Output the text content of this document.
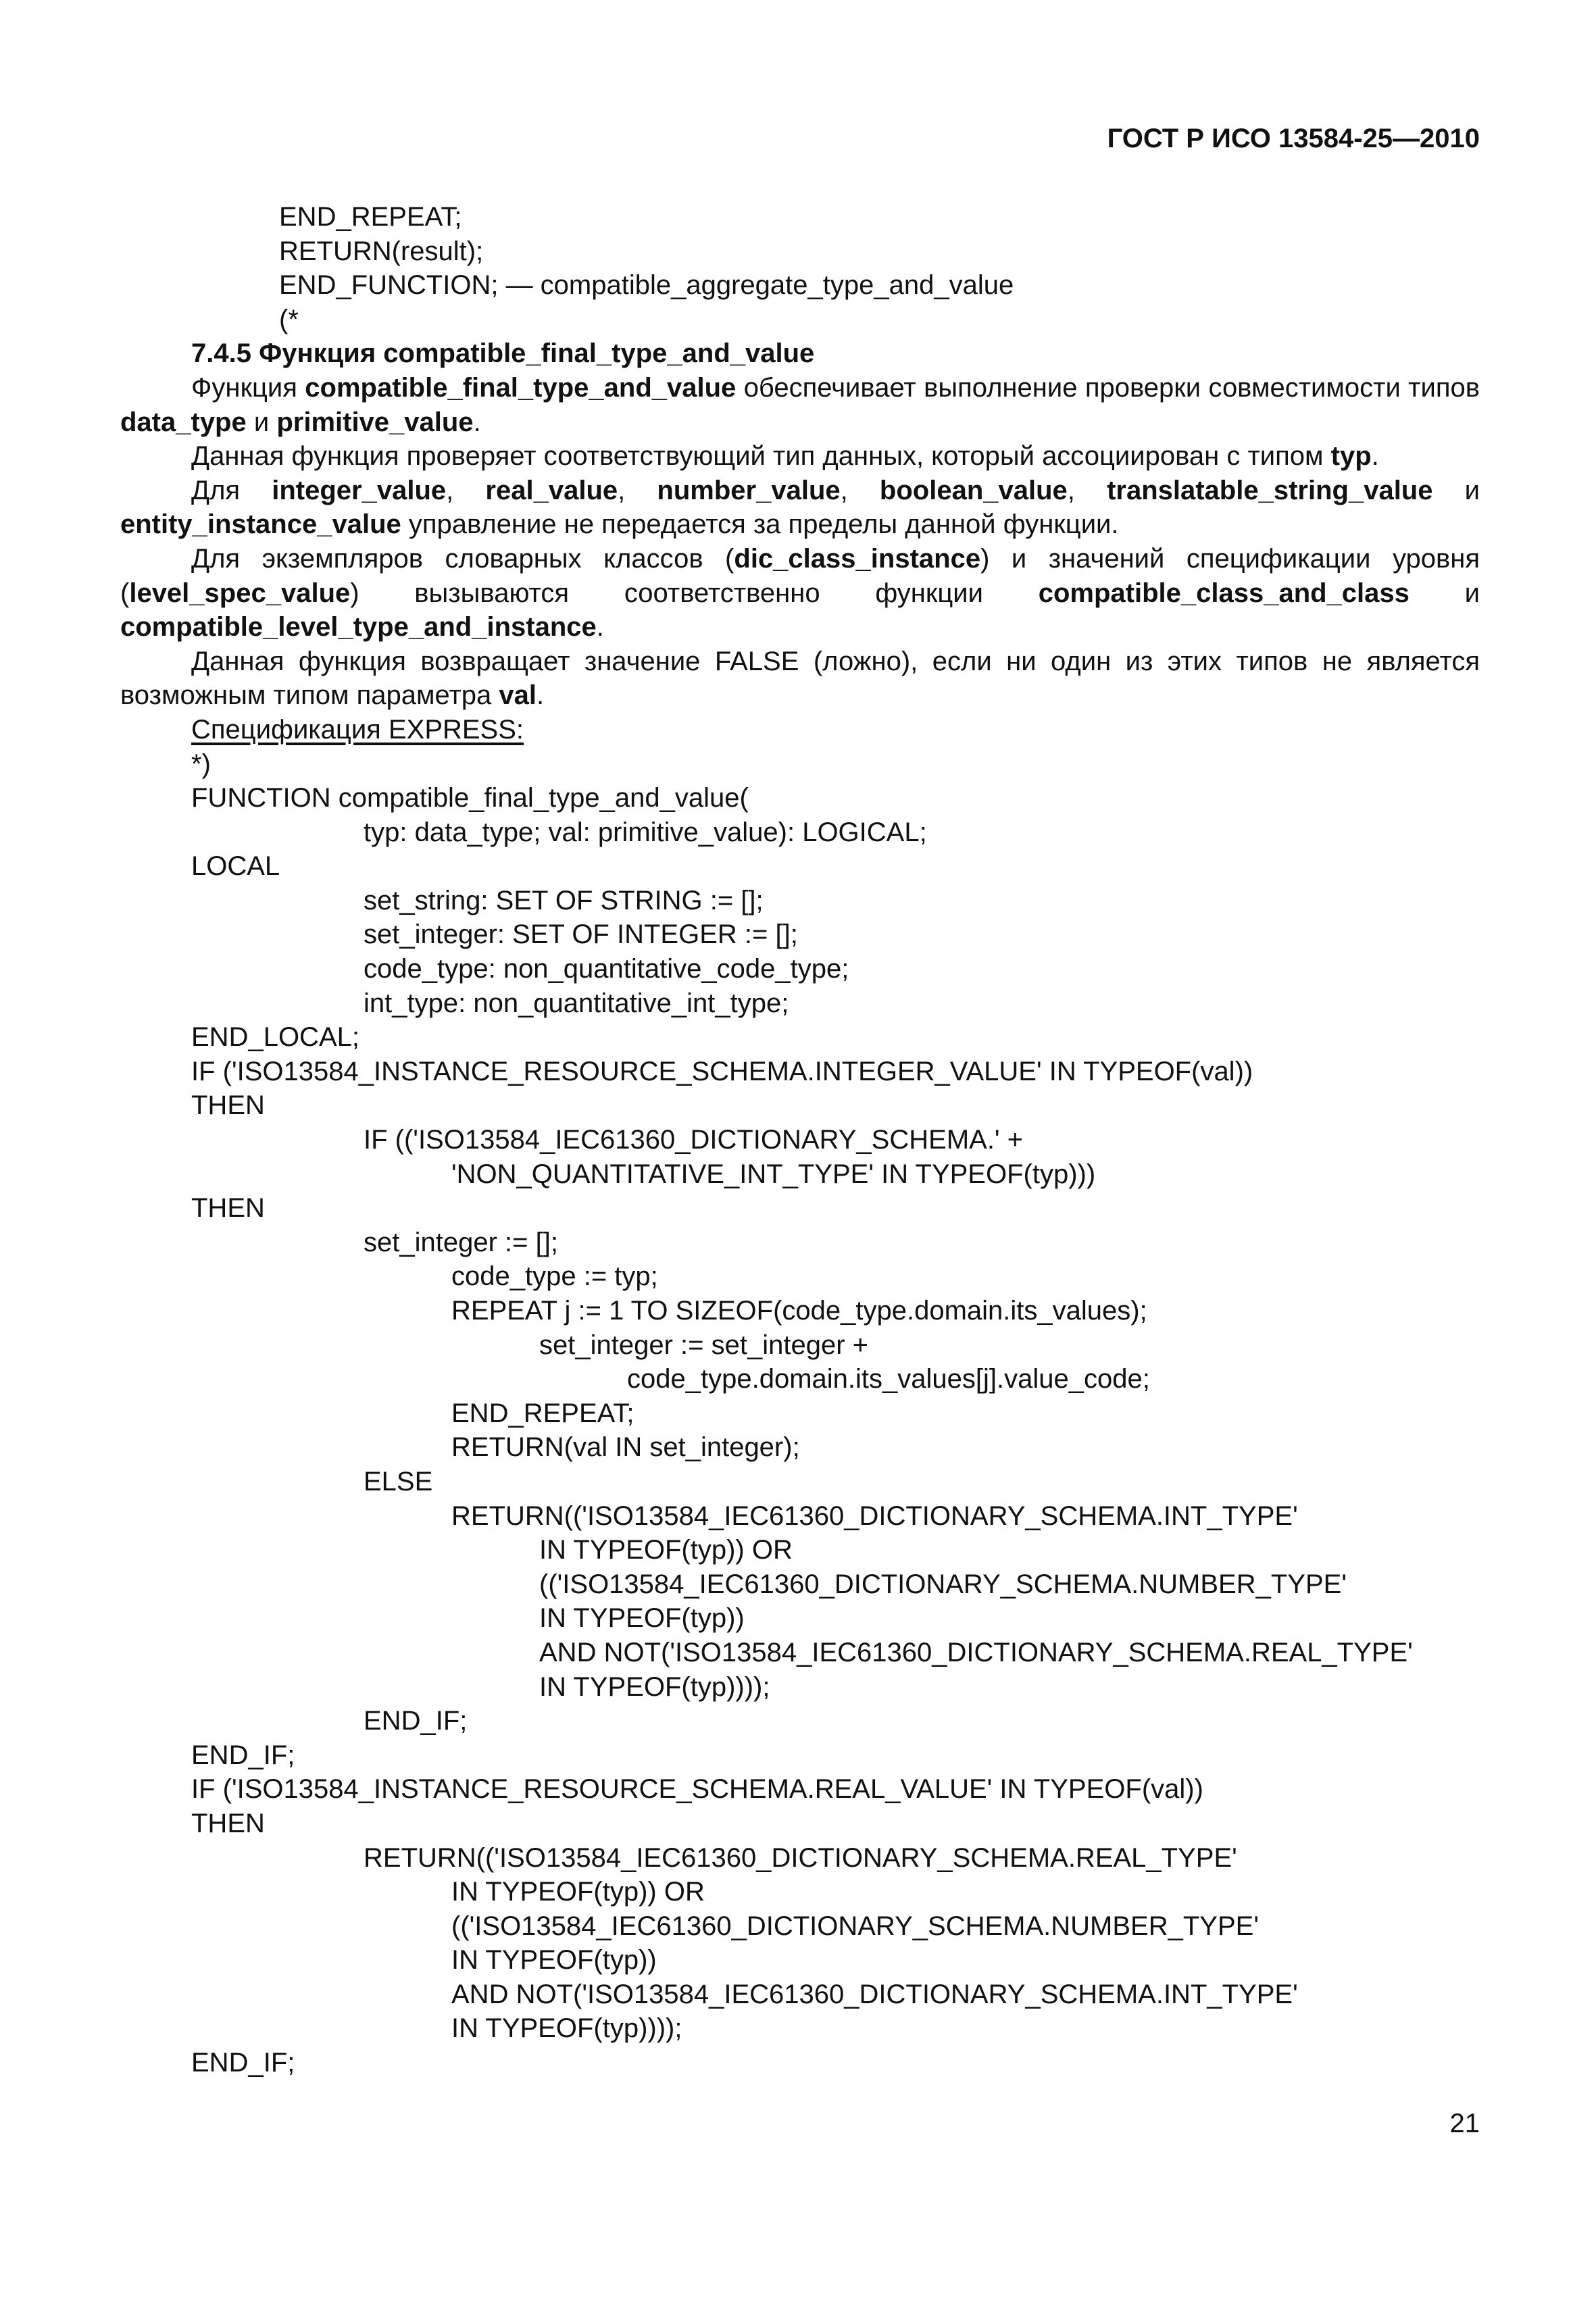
ГОСТ Р ИСО 13584-25—2010
END_REPEAT;
RETURN(result);
END_FUNCTION; — compatible_aggregate_type_and_value
(*
7.4.5 Функция compatible_final_type_and_value
Функция compatible_final_type_and_value обеспечивает выполнение проверки совместимости типов data_type и primitive_value.
Данная функция проверяет соответствующий тип данных, который ассоциирован с типом typ.
Для integer_value, real_value, number_value, boolean_value, translatable_string_value и entity_instance_value управление не передается за пределы данной функции.
Для экземпляров словарных классов (dic_class_instance) и значений спецификации уровня (level_spec_value) вызываются соответственно функции compatible_class_and_class и compatible_level_type_and_instance.
Данная функция возвращает значение FALSE (ложно), если ни один из этих типов не является возможным типом параметра val.
Спецификация EXPRESS:
*)
FUNCTION compatible_final_type_and_value(
typ: data_type; val: primitive_value): LOGICAL;
LOCAL
set_string: SET OF STRING := [];
set_integer: SET OF INTEGER := [];
code_type: non_quantitative_code_type;
int_type: non_quantitative_int_type;
END_LOCAL;
IF ('ISO13584_INSTANCE_RESOURCE_SCHEMA.INTEGER_VALUE' IN TYPEOF(val))
THEN
IF (('ISO13584_IEC61360_DICTIONARY_SCHEMA.' +
'NON_QUANTITATIVE_INT_TYPE' IN TYPEOF(typ)))
THEN
set_integer := [];
code_type := typ;
REPEAT j := 1 TO SIZEOF(code_type.domain.its_values);
set_integer := set_integer +
code_type.domain.its_values[j].value_code;
END_REPEAT;
RETURN(val IN set_integer);
ELSE
RETURN(('ISO13584_IEC61360_DICTIONARY_SCHEMA.INT_TYPE'
IN TYPEOF(typ)) OR
(('ISO13584_IEC61360_DICTIONARY_SCHEMA.NUMBER_TYPE'
IN TYPEOF(typ))
AND NOT('ISO13584_IEC61360_DICTIONARY_SCHEMA.REAL_TYPE'
IN TYPEOF(typ))));
END_IF;
END_IF;
IF ('ISO13584_INSTANCE_RESOURCE_SCHEMA.REAL_VALUE' IN TYPEOF(val))
THEN
RETURN(('ISO13584_IEC61360_DICTIONARY_SCHEMA.REAL_TYPE'
IN TYPEOF(typ)) OR
(('ISO13584_IEC61360_DICTIONARY_SCHEMA.NUMBER_TYPE'
IN TYPEOF(typ))
AND NOT('ISO13584_IEC61360_DICTIONARY_SCHEMA.INT_TYPE'
IN TYPEOF(typ))));
END_IF;
21
